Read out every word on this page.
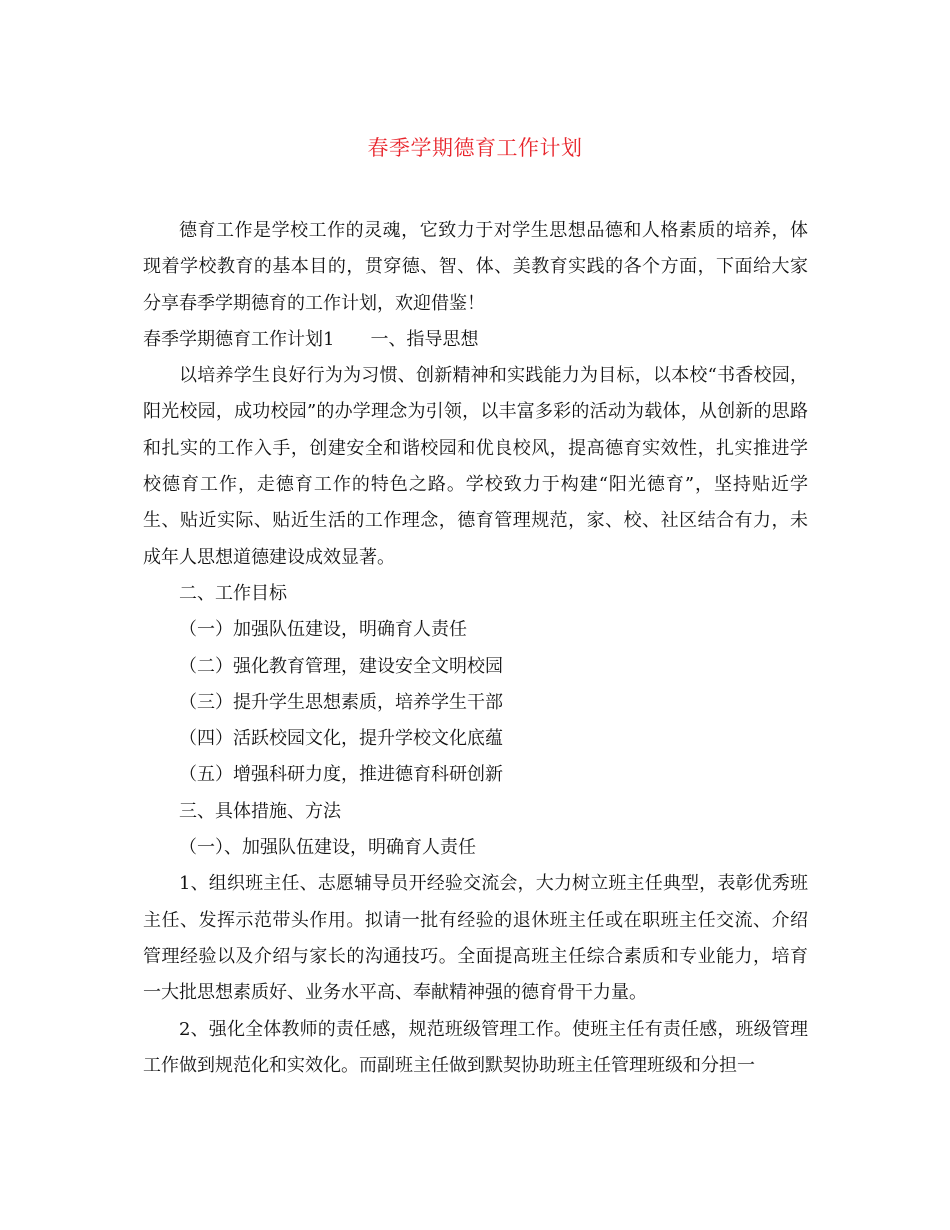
春季学期德育工作计划

德育工作是学校工作的灵魂，它致力于对学生思想品德和人格素质的培养，体现着学校教育的基本目的，贯穿德、智、体、美教育实践的各个方面，下面给大家分享春季学期德育的工作计划，欢迎借鉴！

春季学期德育工作计划1 一、指导思想

以培养学生良好行为为习惯、创新精神和实践能力为目标，以本校“书香校园，阳光校园，成功校园”的办学理念为引领，以丰富多彩的活动为载体，从创新的思路和扎实的工作入手，创建安全和谐校园和优良校风，提高德育实效性，扎实推进学校德育工作，走德育工作的特色之路。学校致力于构建“阳光德育”，坚持贴近学生、贴近实际、贴近生活的工作理念，德育管理规范，家、校、社区结合有力，未成年人思想道德建设成效显著。

二、工作目标

（一）加强队伍建设，明确育人责任

（二）强化教育管理，建设安全文明校园

（三）提升学生思想素质，培养学生干部

（四）活跃校园文化，提升学校文化底蕴

（五）增强科研力度，推进德育科研创新

三、具体措施、方法

（一）、加强队伍建设，明确育人责任

1、组织班主任、志愿辅导员开经验交流会，大力树立班主任典型，表彰优秀班主任、发挥示范带头作用。拟请一批有经验的退休班主任或在职班主任交流、介绍管理经验以及介绍与家长的沟通技巧。全面提高班主任综合素质和专业能力，培育一大批思想素质好、业务水平高、奉献精神强的德育骨干力量。

2、强化全体教师的责任感，规范班级管理工作。使班主任有责任感，班级管理工作做到规范化和实效化。而副班主任做到默契协助班主任管理班级和分担一
